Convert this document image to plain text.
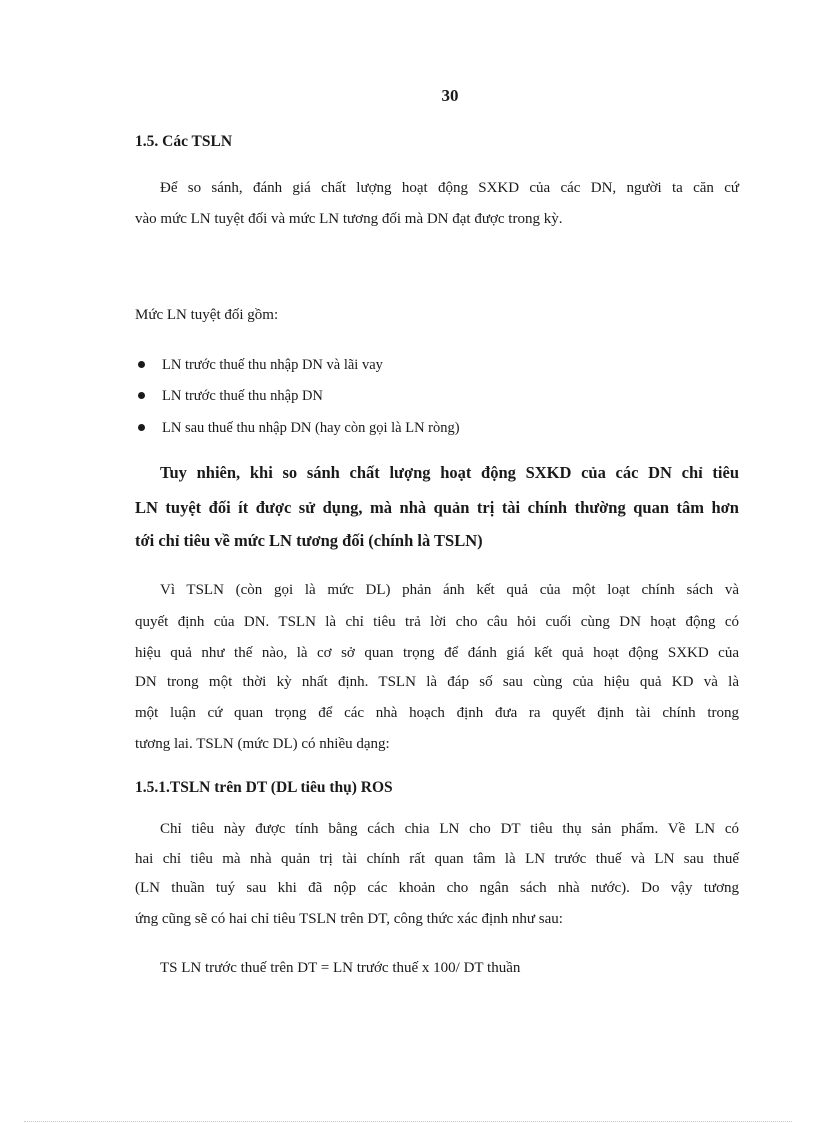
30
1.5. Các TSLN
Để so sánh, đánh giá chất lượng hoạt động SXKD của các DN, người ta căn cứ
vào mức LN tuyệt đối và mức LN tương đối mà DN đạt được trong kỳ.
Mức LN tuyệt đối gồm:
LN trước thuế thu nhập DN và lãi vay
LN trước thuế thu nhập DN
LN sau thuế thu nhập DN (hay còn gọi là LN ròng)
Tuy nhiên, khi so sánh chất lượng hoạt động SXKD của các DN chỉ tiêu
LN tuyệt đối ít được sử dụng, mà nhà quản trị tài chính thường quan tâm hơn
tới chỉ tiêu về mức LN tương đối (chính là TSLN)
Vì TSLN (còn gọi là mức DL) phản ánh kết quả của một loạt chính sách và
quyết định của DN. TSLN là chỉ tiêu trả lời cho câu hỏi cuối cùng DN hoạt động có
hiệu quả như thế nào, là cơ sở quan trọng để đánh giá kết quả hoạt động SXKD của
DN trong một thời kỳ nhất định. TSLN là đáp số sau cùng của hiệu quả KD và là
một luận cứ quan trọng để các nhà hoạch định đưa ra quyết định tài chính trong
tương lai. TSLN (mức DL) có nhiều dạng:
1.5.1.TSLN trên DT (DL tiêu thụ) ROS
Chỉ tiêu này được tính bằng cách chia LN cho DT tiêu thụ sản phẩm. Về LN có
hai chỉ tiêu mà nhà quản trị tài chính rất quan tâm là LN trước thuế và LN sau thuế
(LN thuần tuý sau khi đã nộp các khoản cho ngân sách nhà nước). Do vậy tương
ứng cũng sẽ có hai chỉ tiêu TSLN trên DT, công thức xác định như sau:
TS LN trước thuế trên DT = LN trước thuế x 100/ DT thuần
